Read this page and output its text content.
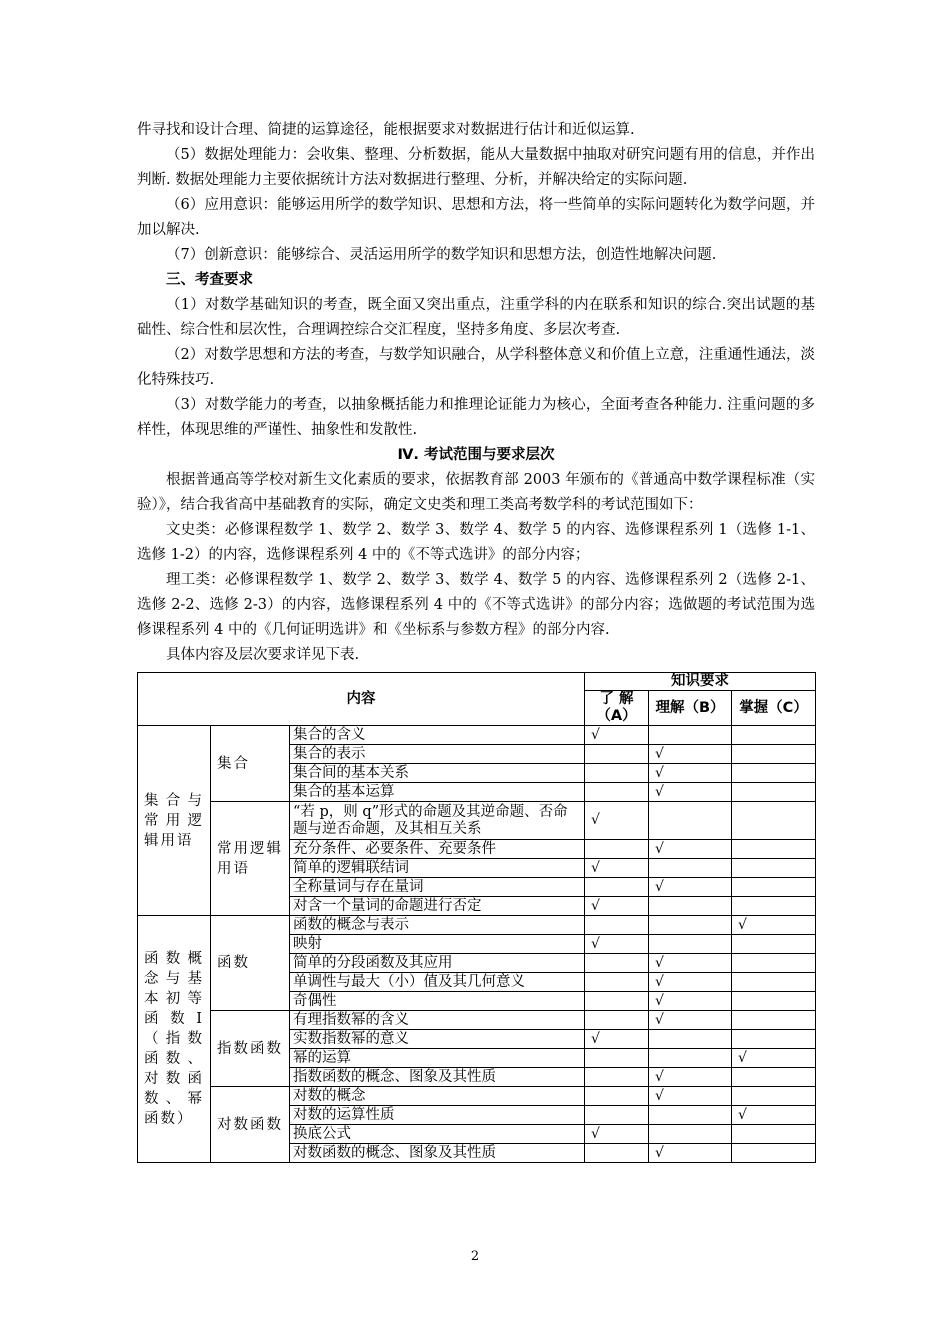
件寻找和设计合理、简捷的运算途径，能根据要求对数据进行估计和近似运算.

（5）数据处理能力：会收集、整理、分析数据，能从大量数据中抽取对研究问题有用的信息，并作出判断. 数据处理能力主要依据统计方法对数据进行整理、分析，并解决给定的实际问题.

（6）应用意识：能够运用所学的数学知识、思想和方法，将一些简单的实际问题转化为数学问题，并加以解决.

（7）创新意识：能够综合、灵活运用所学的数学知识和思想方法，创造性地解决问题.

三、考查要求

（1）对数学基础知识的考查，既全面又突出重点，注重学科的内在联系和知识的综合.突出试题的基础性、综合性和层次性，合理调控综合交汇程度，坚持多角度、多层次考查.

（2）对数学思想和方法的考查，与数学知识融合，从学科整体意义和价值上立意，注重通性通法，淡化特殊技巧.

（3）对数学能力的考查，以抽象概括能力和推理论证能力为核心，全面考查各种能力. 注重问题的多样性，体现思维的严谨性、抽象性和发散性.

Ⅳ. 考试范围与要求层次

根据普通高等学校对新生文化素质的要求，依据教育部 2003 年颁布的《普通高中数学课程标准（实验）》，结合我省高中基础教育的实际，确定文史类和理工类高考数学科的考试范围如下：

文史类：必修课程数学 1、数学 2、数学 3、数学 4、数学 5 的内容、选修课程系列 1（选修 1-1、选修 1-2）的内容，选修课程系列 4 中的《不等式选讲》的部分内容；

理工类：必修课程数学 1、数学 2、数学 3、数学 4、数学 5 的内容、选修课程系列 2（选修 2-1、选修 2-2、选修 2-3）的内容，选修课程系列 4 中的《不等式选讲》的部分内容；选做题的考试范围为选修课程系列 4 中的《几何证明选讲》和《坐标系与参数方程》的部分内容.

具体内容及层次要求详见下表.

内容			知识要求		
			了 解（A）	理解（B）	掌握（C）
集合与常用逻辑用语	集合	集合的含义	√		
		集合的表示		√	
		集合间的基本关系		√	
		集合的基本运算		√	
	常用逻辑用语	“若 p，则 q”形式的命题及其逆命题、否命题与逆否命题，及其相互关系	√		
		充分条件、必要条件、充要条件		√	
		简单的逻辑联结词	√		
		全称量词与存在量词		√	
		对含一个量词的命题进行否定	√		
函数概念与基本初等函数Ⅰ（指数函数、对数函数、幂函数）	函数	函数的概念与表示			√
		映射	√		
		简单的分段函数及其应用		√	
		单调性与最大（小）值及其几何意义		√	
		奇偶性		√	
	指数函数	有理指数幂的含义		√	
		实数指数幂的意义	√		
		幂的运算			√
		指数函数的概念、图象及其性质		√	
	对数函数	对数的概念		√	
		对数的运算性质			√
		换底公式	√		
		对数函数的概念、图象及其性质		√	
2
